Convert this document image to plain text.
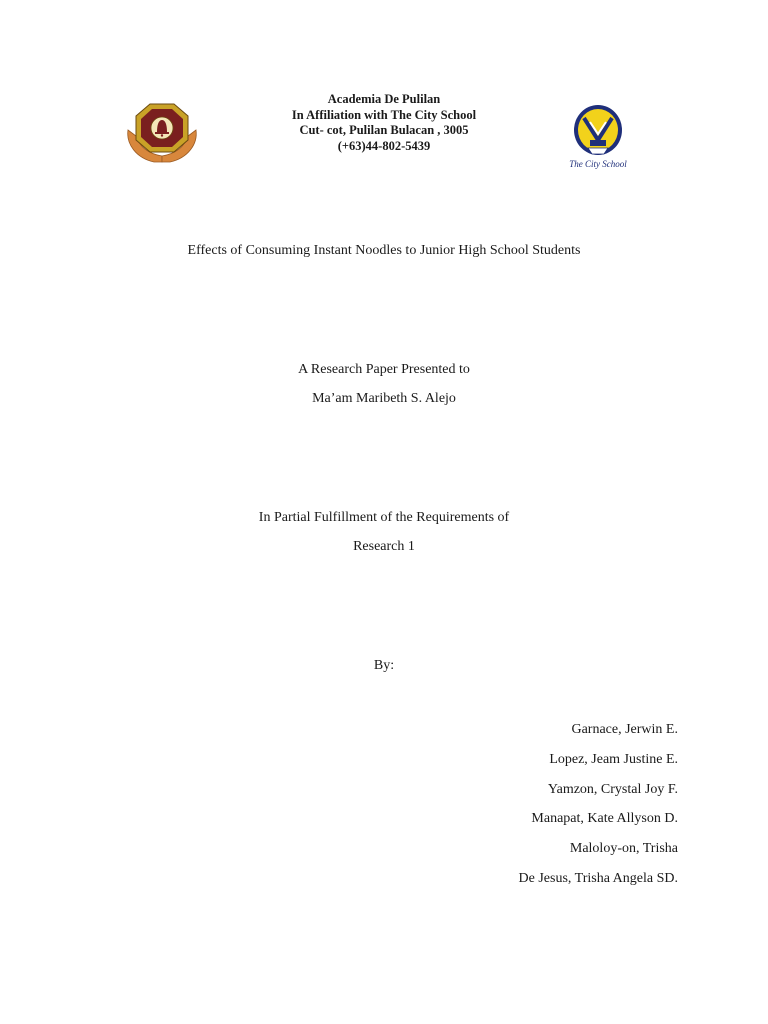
Academia De Pulilan
In Affiliation with The City School
Cut- cot, Pulilan Bulacan , 3005
(+63)44-802-5439
The City School
Effects of Consuming Instant Noodles to Junior High School Students
A Research Paper Presented to
Ma’am Maribeth S. Alejo
In Partial Fulfillment of the Requirements of
Research 1
By:
Garnace, Jerwin E.
Lopez, Jeam Justine E.
Yamzon, Crystal Joy F.
Manapat, Kate Allyson D.
Maloloy-on, Trisha
De Jesus, Trisha Angela SD.
